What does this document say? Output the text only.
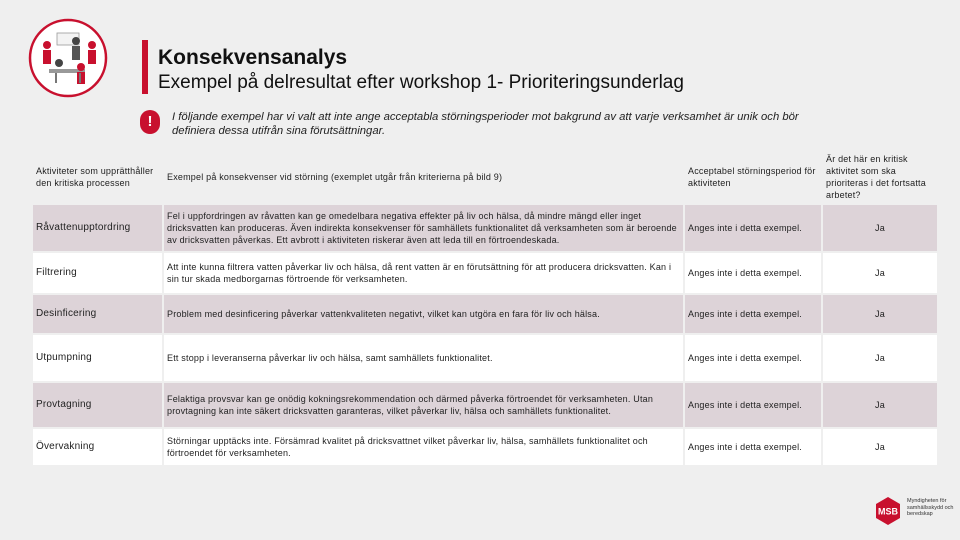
Konsekvensanalys
Exempel på delresultat efter workshop 1- Prioriteringsunderlag
!	I följande exempel har vi valt att inte ange acceptabla störningsperioder mot bakgrund av att varje verksamhet är unik och bör definiera dessa utifrån sina förutsättningar.
Aktiviteter som upprätthåller den kritiska processen	Exempel på konsekvenser vid störning (exemplet utgår från kriterierna på bild 9)	Acceptabel störningsperiod för aktiviteten	Är det här en kritisk aktivitet som ska prioriteras i det fortsatta arbetet?
Råvattenupptordring	Fel i uppfordringen av råvatten kan ge omedelbara negativa effekter på liv och hälsa, då mindre mängd eller inget dricksvatten kan produceras. Även indirekta konsekvenser för samhällets funktionalitet då verksamheten som är beroende av dricksvatten påverkas. Ett avbrott i aktiviteten riskerar även att leda till en förtroendeskada.	Anges inte i detta exempel.	Ja
Filtrering	Att inte kunna filtrera vatten påverkar liv och hälsa, då rent vatten är en förutsättning för att producera dricksvatten. Kan i sin tur skada medborgarnas förtroende för verksamheten.	Anges inte i detta exempel.	Ja
Desinficering	Problem med desinficering påverkar vattenkvaliteten negativt, vilket kan utgöra en fara för liv och hälsa.	Anges inte i detta exempel.	Ja
Utpumpning	Ett stopp i leveranserna påverkar liv och hälsa, samt samhällets funktionalitet.	Anges inte i detta exempel.	Ja
Provtagning	Felaktiga provsvar kan ge onödig kokningsrekommendation och därmed påverka förtroendet för verksamheten. Utan provtagning kan inte säkert dricksvatten garanteras, vilket påverkar liv, hälsa och samhällets funktionalitet.	Anges inte i detta exempel.	Ja
Övervakning	Störningar upptäcks inte. Försämrad kvalitet på dricksvattnet vilket påverkar liv, hälsa, samhällets funktionalitet och förtroendet för verksamheten.	Anges inte i detta exempel.	Ja
MSB
Myndigheten för samhällsskydd och beredskap
